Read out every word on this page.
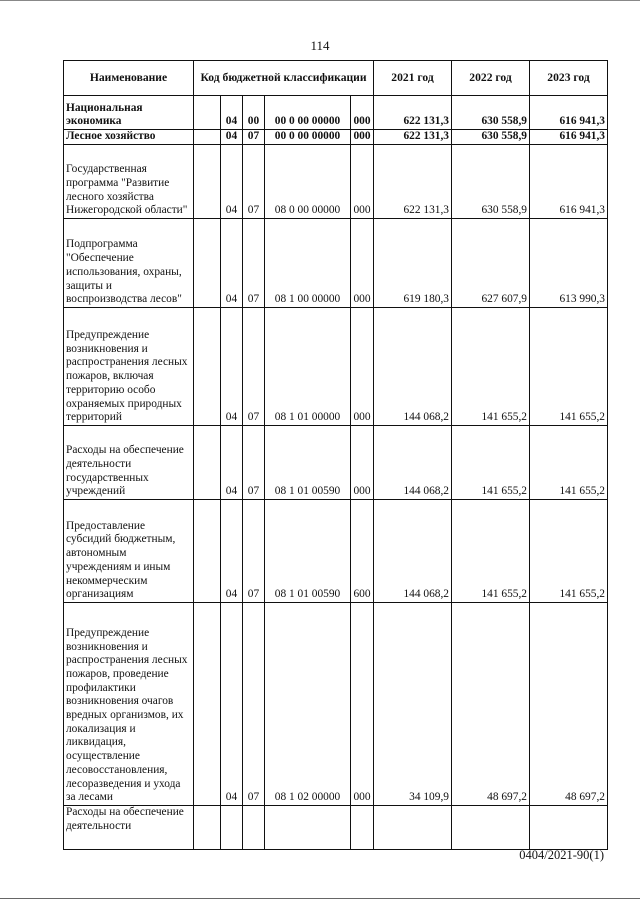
114
Наименование	Код бюджетной классификации					2021 год	2022 год	2023 год
Национальная экономика		04	00	00 0 00 00000	000	622 131,3	630 558,9	616 941,3
Лесное хозяйство		04	07	00 0 00 00000	000	622 131,3	630 558,9	616 941,3
Государственная программа "Развитие лесного хозяйства Нижегородской области"		04	07	08 0 00 00000	000	622 131,3	630 558,9	616 941,3
Подпрограмма "Обеспечение использования, охраны, защиты и воспроизводства лесов"		04	07	08 1 00 00000	000	619 180,3	627 607,9	613 990,3
Предупреждение возникновения и распространения лесных пожаров, включая территорию особо охраняемых природных территорий		04	07	08 1 01 00000	000	144 068,2	141 655,2	141 655,2
Расходы на обеспечение деятельности государственных учреждений		04	07	08 1 01 00590	000	144 068,2	141 655,2	141 655,2
Предоставление субсидий бюджетным, автономным учреждениям и иным некоммерческим организациям		04	07	08 1 01 00590	600	144 068,2	141 655,2	141 655,2
Предупреждение возникновения и распространения лесных пожаров, проведение профилактики возникновения очагов вредных организмов, их локализация и ликвидация, осуществление лесовосстановления, лесоразведения и ухода за лесами		04	07	08 1 02 00000	000	34 109,9	48 697,2	48 697,2
Расходы на обеспечение деятельности								
0404/2021-90(1)
